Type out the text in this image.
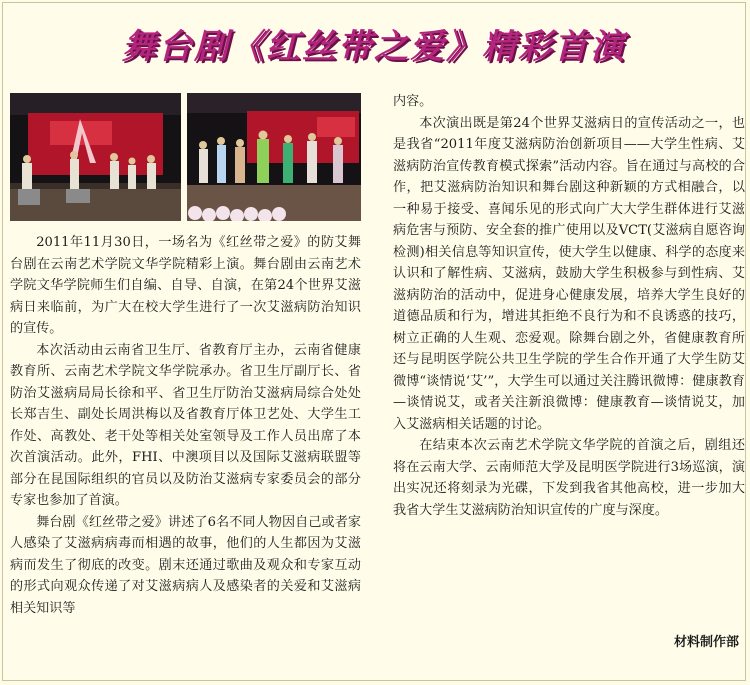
舞台剧《红丝带之爱》精彩首演

2011年11月30日，一场名为《红丝带之爱》的防艾舞台剧在云南艺术学院文华学院精彩上演。舞台剧由云南艺术学院文华学院师生们自编、自导、自演，在第24个世界艾滋病日来临前，为广大在校大学生进行了一次艾滋病防治知识的宣传。

本次活动由云南省卫生厅、省教育厅主办，云南省健康教育所、云南艺术学院文华学院承办。省卫生厅副厅长、省防治艾滋病局局长徐和平、省卫生厅防治艾滋病局综合处处长郑吉生、副处长周洪梅以及省教育厅体卫艺处、大学生工作处、高教处、老干处等相关处室领导及工作人员出席了本次首演活动。此外，FHI、中澳项目以及国际艾滋病联盟等部分在昆国际组织的官员以及防治艾滋病专家委员会的部分专家也参加了首演。

舞台剧《红丝带之爱》讲述了6名不同人物因自己或者家人感染了艾滋病病毒而相遇的故事，他们的人生都因为艾滋病而发生了彻底的改变。剧末还通过歌曲及观众和专家互动的形式向观众传递了对艾滋病病人及感染者的关爱和艾滋病相关知识等

内容。

本次演出既是第24个世界艾滋病日的宣传活动之一，也是我省“2011年度艾滋病防治创新项目——大学生性病、艾滋病防治宣传教育模式探索”活动内容。旨在通过与高校的合作，把艾滋病防治知识和舞台剧这种新颖的方式相融合，以一种易于接受、喜闻乐见的形式向广大大学生群体进行艾滋病危害与预防、安全套的推广使用以及VCT(艾滋病自愿咨询检测)相关信息等知识宣传，使大学生以健康、科学的态度来认识和了解性病、艾滋病，鼓励大学生积极参与到性病、艾滋病防治的活动中，促进身心健康发展，培养大学生良好的道德品质和行为，增进其拒绝不良行为和不良诱惑的技巧，树立正确的人生观、恋爱观。除舞台剧之外，省健康教育所还与昆明医学院公共卫生学院的学生合作开通了大学生防艾微博“谈情说‘艾’”，大学生可以通过关注腾讯微博：健康教育—谈情说艾，或者关注新浪微博：健康教育—谈情说艾，加入艾滋病相关话题的讨论。

在结束本次云南艺术学院文华学院的首演之后，剧组还将在云南大学、云南师范大学及昆明医学院进行3场巡演，演出实况还将刻录为光碟，下发到我省其他高校，进一步加大我省大学生艾滋病防治知识宣传的广度与深度。

材料制作部
